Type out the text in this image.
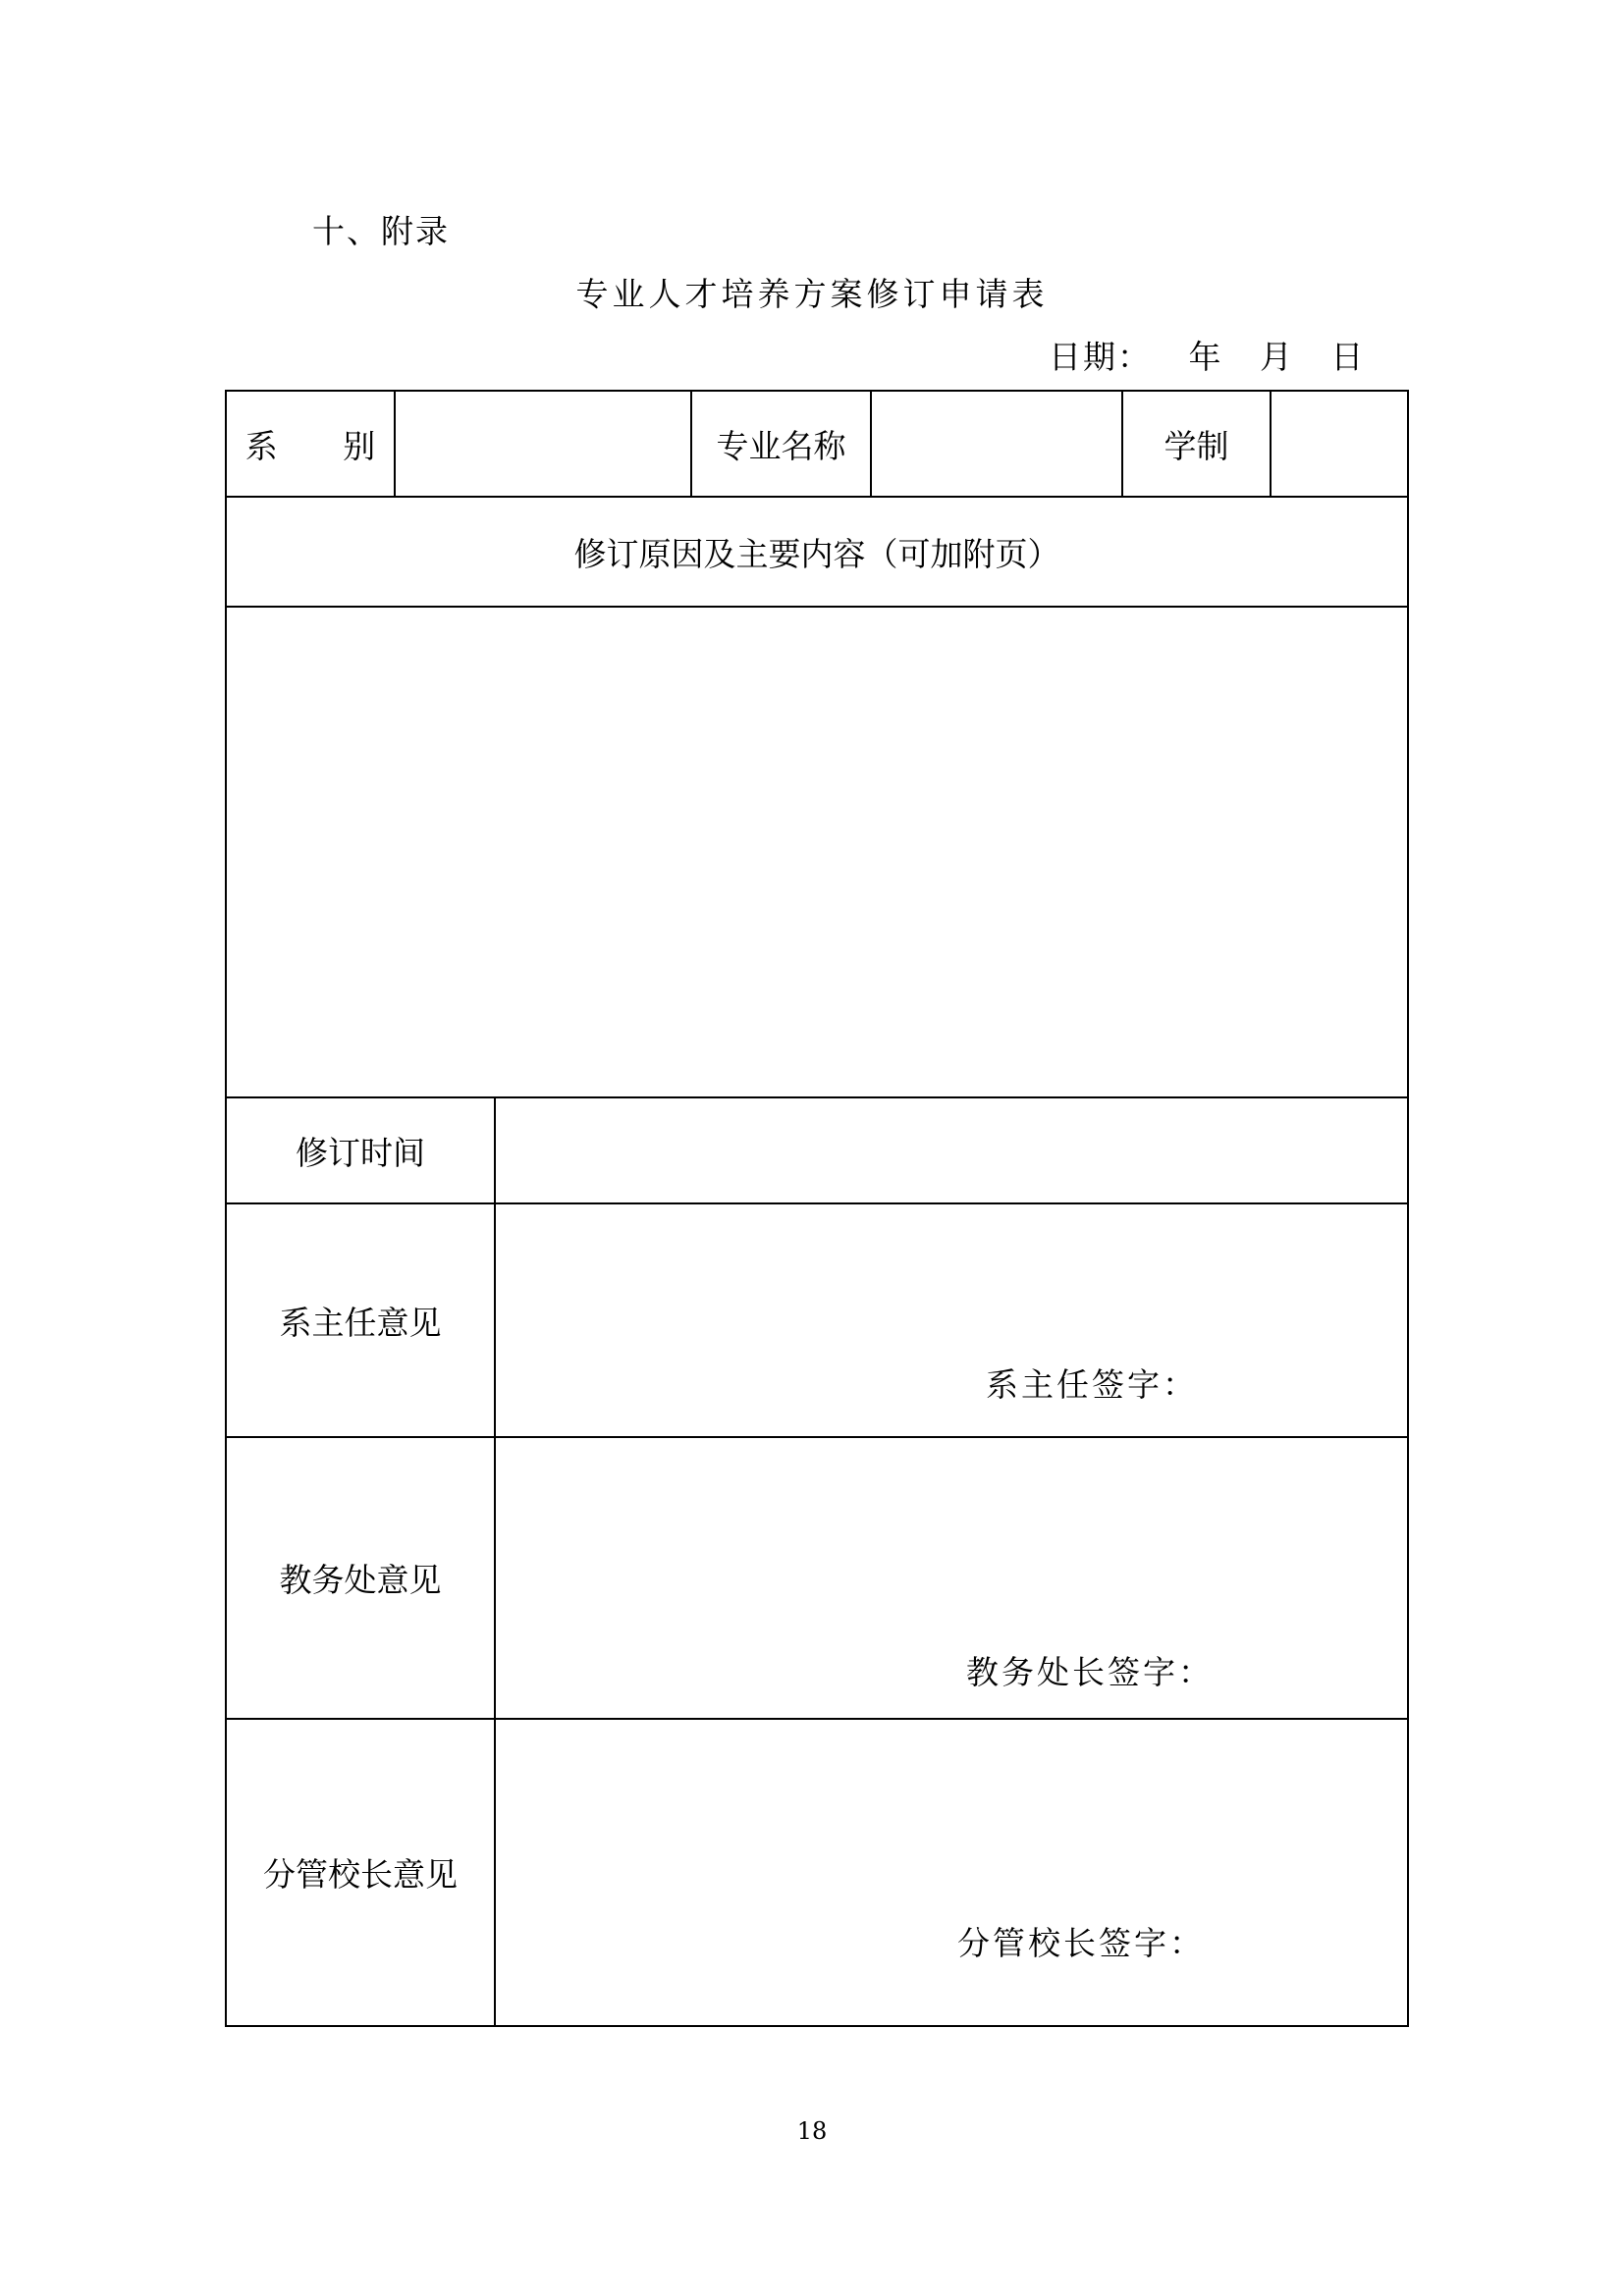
十、附录
专业人才培养方案修订申请表
日期：   年   月   日
系 别			专业名称		学制	
修订原因及主要内容（可加附页）						

修订时间						
系主任意见		系主任签字：				

教务处意见		教务处长签字：				

分管校长意见		分管校长签字：				
18
